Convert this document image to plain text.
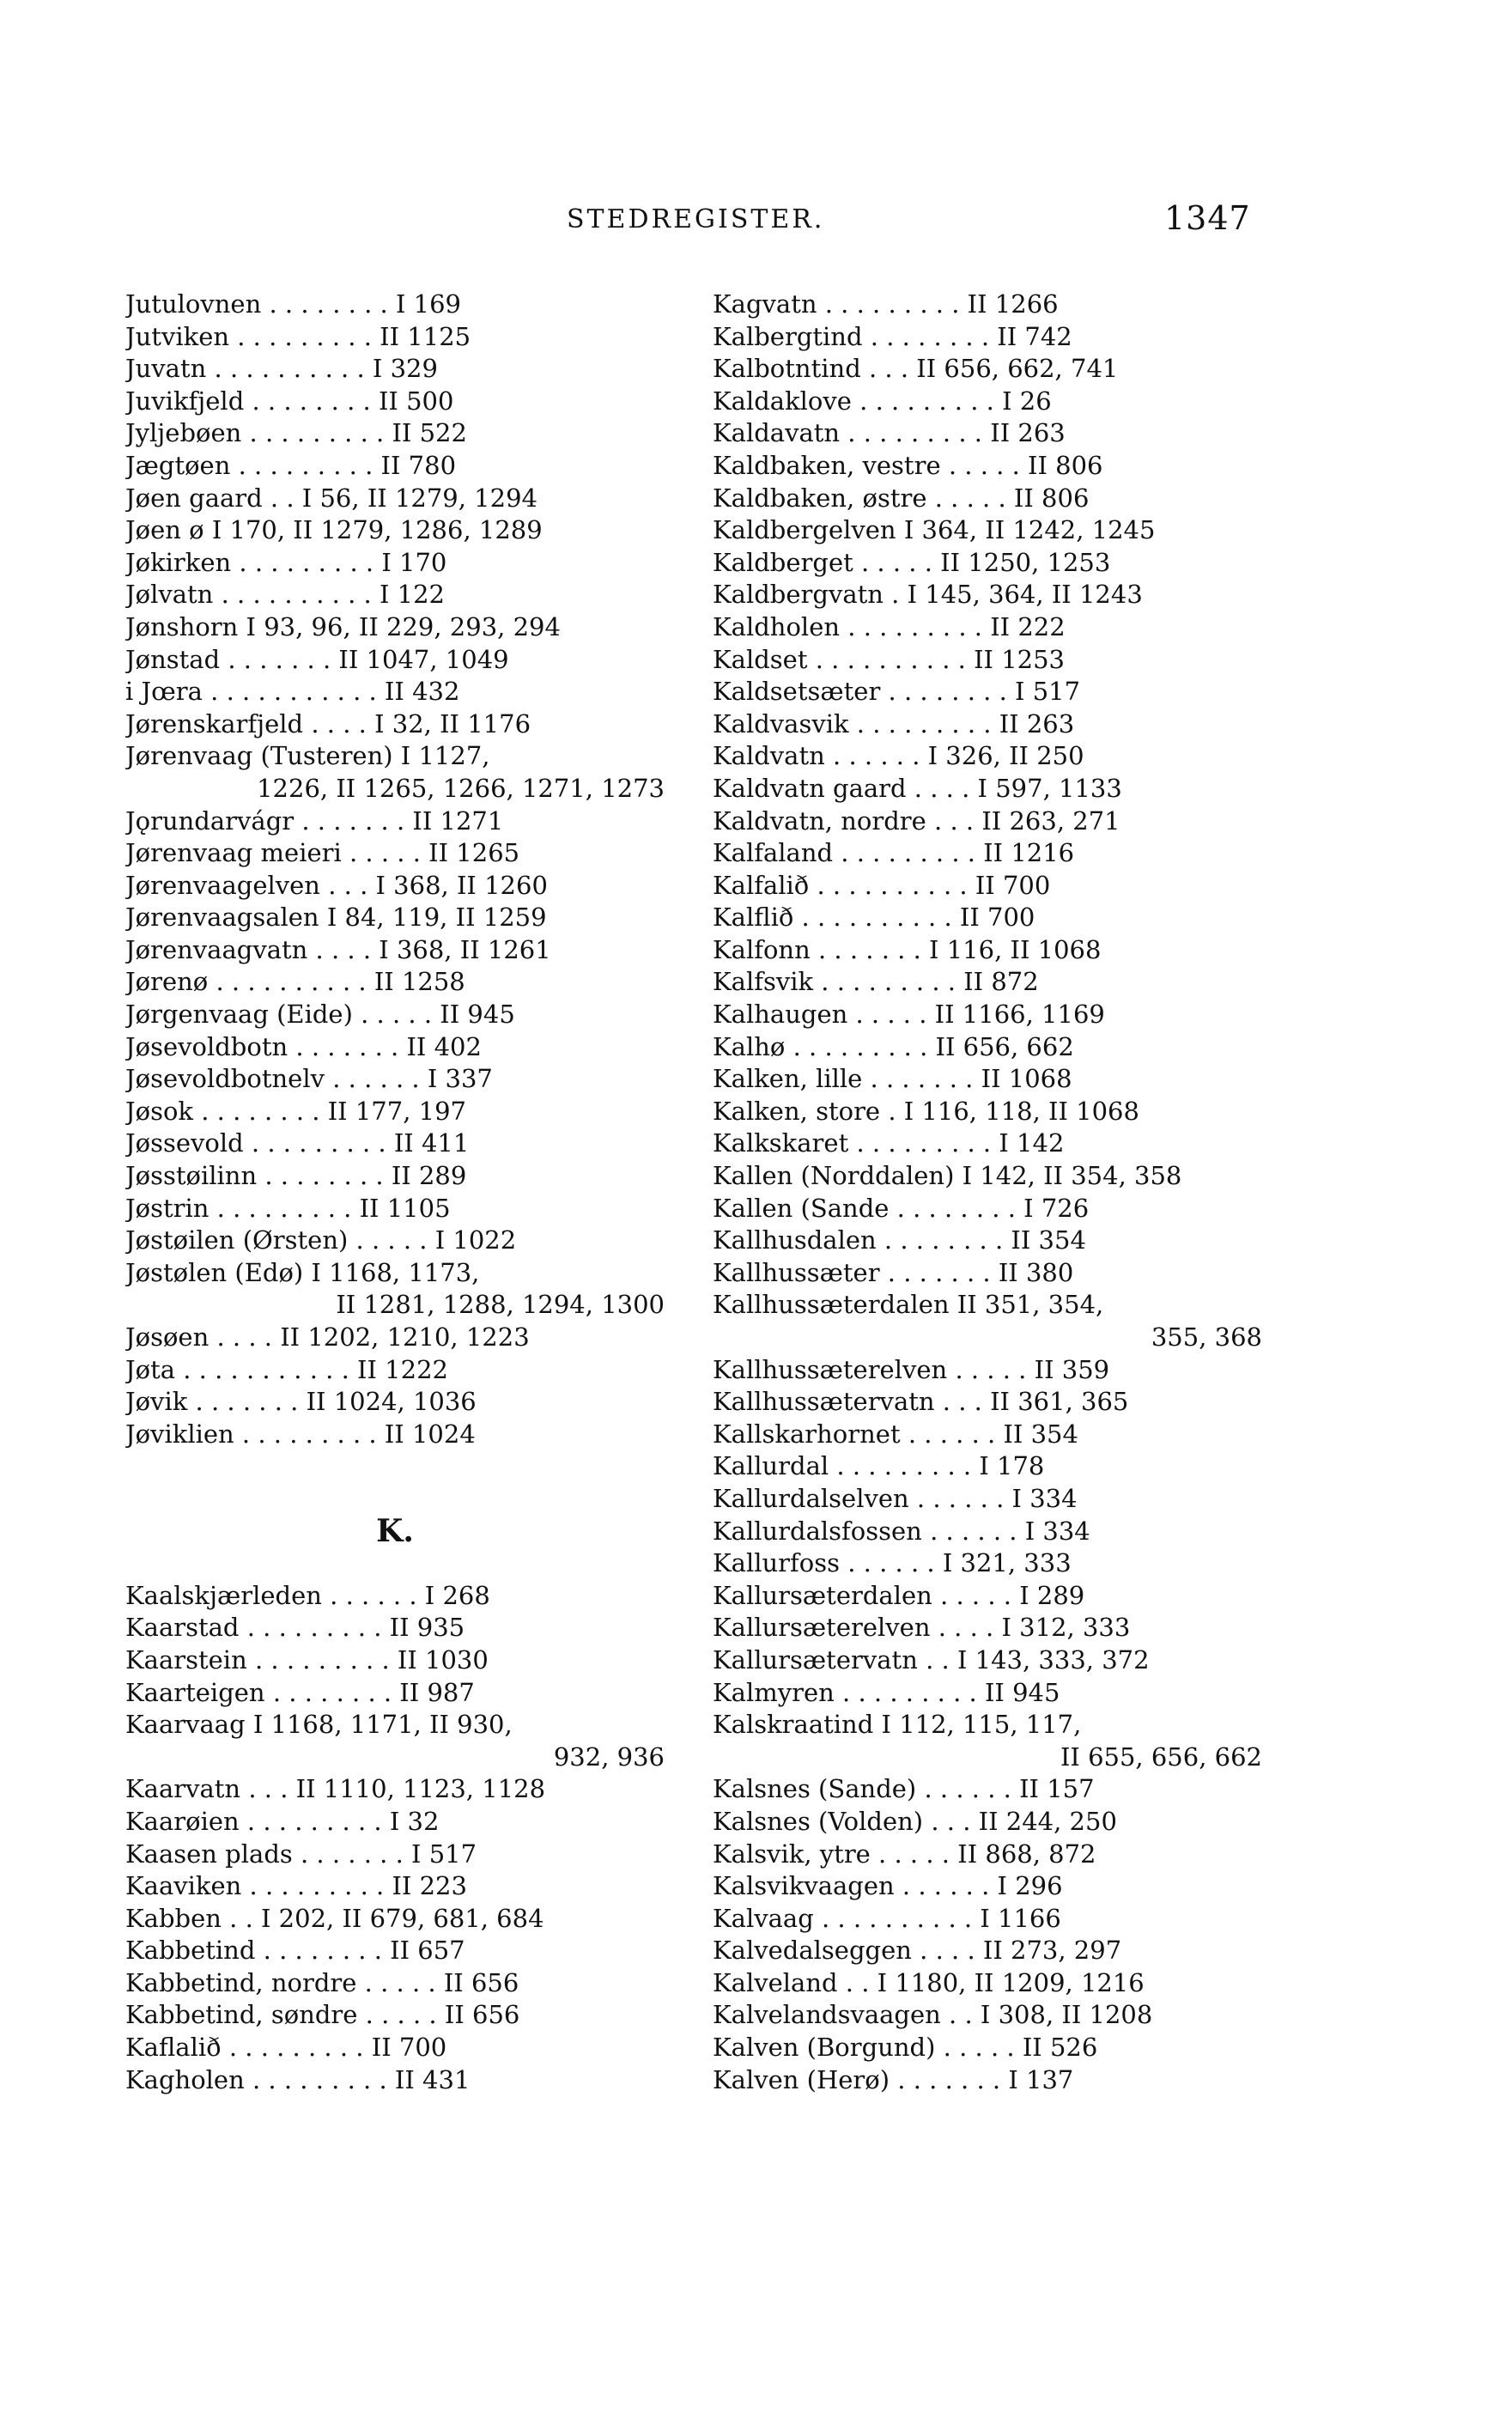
STEDREGISTER.	1347
Jutulovnen . . . . . . . . I 169
Jutviken . . . . . . . . . II 1125
Juvatn . . . . . . . . . . I 329
Juvikfjeld . . . . . . . . II 500
Jyljebøen . . . . . . . . . II 522
Jægtøen . . . . . . . . . II 780
Jøen gaard . . I 56, II 1279, 1294
Jøen ø I 170, II 1279, 1286, 1289
Jøkirken . . . . . . . . . I 170
Jølvatn . . . . . . . . . . I 122
Jønshorn I 93, 96, II 229, 293, 294
Jønstad . . . . . . . II 1047, 1049
i Jœra . . . . . . . . . . . II 432
Jørenskarfjeld . . . . I 32, II 1176
Jørenvaag (Tusteren) I 1127,
1226, II 1265, 1266, 1271, 1273
Jǫrundarvágr . . . . . . . II 1271
Jørenvaag meieri . . . . . II 1265
Jørenvaagelven . . . I 368, II 1260
Jørenvaagsalen I 84, 119, II 1259
Jørenvaagvatn . . . . I 368, II 1261
Jørenø . . . . . . . . . . II 1258
Jørgenvaag (Eide) . . . . . II 945
Jøsevoldbotn . . . . . . . II 402
Jøsevoldbotnelv . . . . . . I 337
Jøsok . . . . . . . . II 177, 197
Jøssevold . . . . . . . . . II 411
Jøsstøilinn . . . . . . . . II 289
Jøstrin . . . . . . . . . II 1105
Jøstøilen (Ørsten) . . . . . I 1022
Jøstølen (Edø) I 1168, 1173,
II 1281, 1288, 1294, 1300
Jøsøen . . . . II 1202, 1210, 1223
Jøta . . . . . . . . . . . II 1222
Jøvik . . . . . . . II 1024, 1036
Jøviklien . . . . . . . . . II 1024
K.
Kaalskjærleden . . . . . . I 268
Kaarstad . . . . . . . . . II 935
Kaarstein . . . . . . . . . II 1030
Kaarteigen . . . . . . . . II 987
Kaarvaag I 1168, 1171, II 930,
932, 936
Kaarvatn . . . II 1110, 1123, 1128
Kaarøien . . . . . . . . . I 32
Kaasen plads . . . . . . . I 517
Kaaviken . . . . . . . . . II 223
Kabben . . I 202, II 679, 681, 684
Kabbetind . . . . . . . . II 657
Kabbetind, nordre . . . . . II 656
Kabbetind, søndre . . . . . II 656
Kaflalið . . . . . . . . . II 700
Kagholen . . . . . . . . . II 431
Kagvatn . . . . . . . . . II 1266
Kalbergtind . . . . . . . . II 742
Kalbotntind . . . II 656, 662, 741
Kaldaklove . . . . . . . . . I 26
Kaldavatn . . . . . . . . . II 263
Kaldbaken, vestre . . . . . II 806
Kaldbaken, østre . . . . . II 806
Kaldbergelven I 364, II 1242, 1245
Kaldberget . . . . . II 1250, 1253
Kaldbergvatn . I 145, 364, II 1243
Kaldholen . . . . . . . . . II 222
Kaldset . . . . . . . . . . II 1253
Kaldsetsæter . . . . . . . . I 517
Kaldvasvik . . . . . . . . . II 263
Kaldvatn . . . . . . I 326, II 250
Kaldvatn gaard . . . . I 597, 1133
Kaldvatn, nordre . . . II 263, 271
Kalfaland . . . . . . . . . II 1216
Kalfalið . . . . . . . . . . II 700
Kalflið . . . . . . . . . . II 700
Kalfonn . . . . . . . I 116, II 1068
Kalfsvik . . . . . . . . . II 872
Kalhaugen . . . . . II 1166, 1169
Kalhø . . . . . . . . . II 656, 662
Kalken, lille . . . . . . . II 1068
Kalken, store . I 116, 118, II 1068
Kalkskaret . . . . . . . . . I 142
Kallen (Norddalen) I 142, II 354, 358
Kallen (Sande . . . . . . . . I 726
Kallhusdalen . . . . . . . . II 354
Kallhussæter . . . . . . . II 380
Kallhussæterdalen II 351, 354,
355, 368
Kallhussæterelven . . . . . II 359
Kallhussætervatn . . . II 361, 365
Kallskarhornet . . . . . . II 354
Kallurdal . . . . . . . . . I 178
Kallurdalselven . . . . . . I 334
Kallurdalsfossen . . . . . . I 334
Kallurfoss . . . . . . I 321, 333
Kallursæterdalen . . . . . I 289
Kallursæterelven . . . . I 312, 333
Kallursætervatn . . I 143, 333, 372
Kalmyren . . . . . . . . . II 945
Kalskraatind I 112, 115, 117,
II 655, 656, 662
Kalsnes (Sande) . . . . . . II 157
Kalsnes (Volden) . . . II 244, 250
Kalsvik, ytre . . . . . II 868, 872
Kalsvikvaagen . . . . . . I 296
Kalvaag . . . . . . . . . . I 1166
Kalvedalseggen . . . . II 273, 297
Kalveland . . I 1180, II 1209, 1216
Kalvelandsvaagen . . I 308, II 1208
Kalven (Borgund) . . . . . II 526
Kalven (Herø) . . . . . . . I 137
